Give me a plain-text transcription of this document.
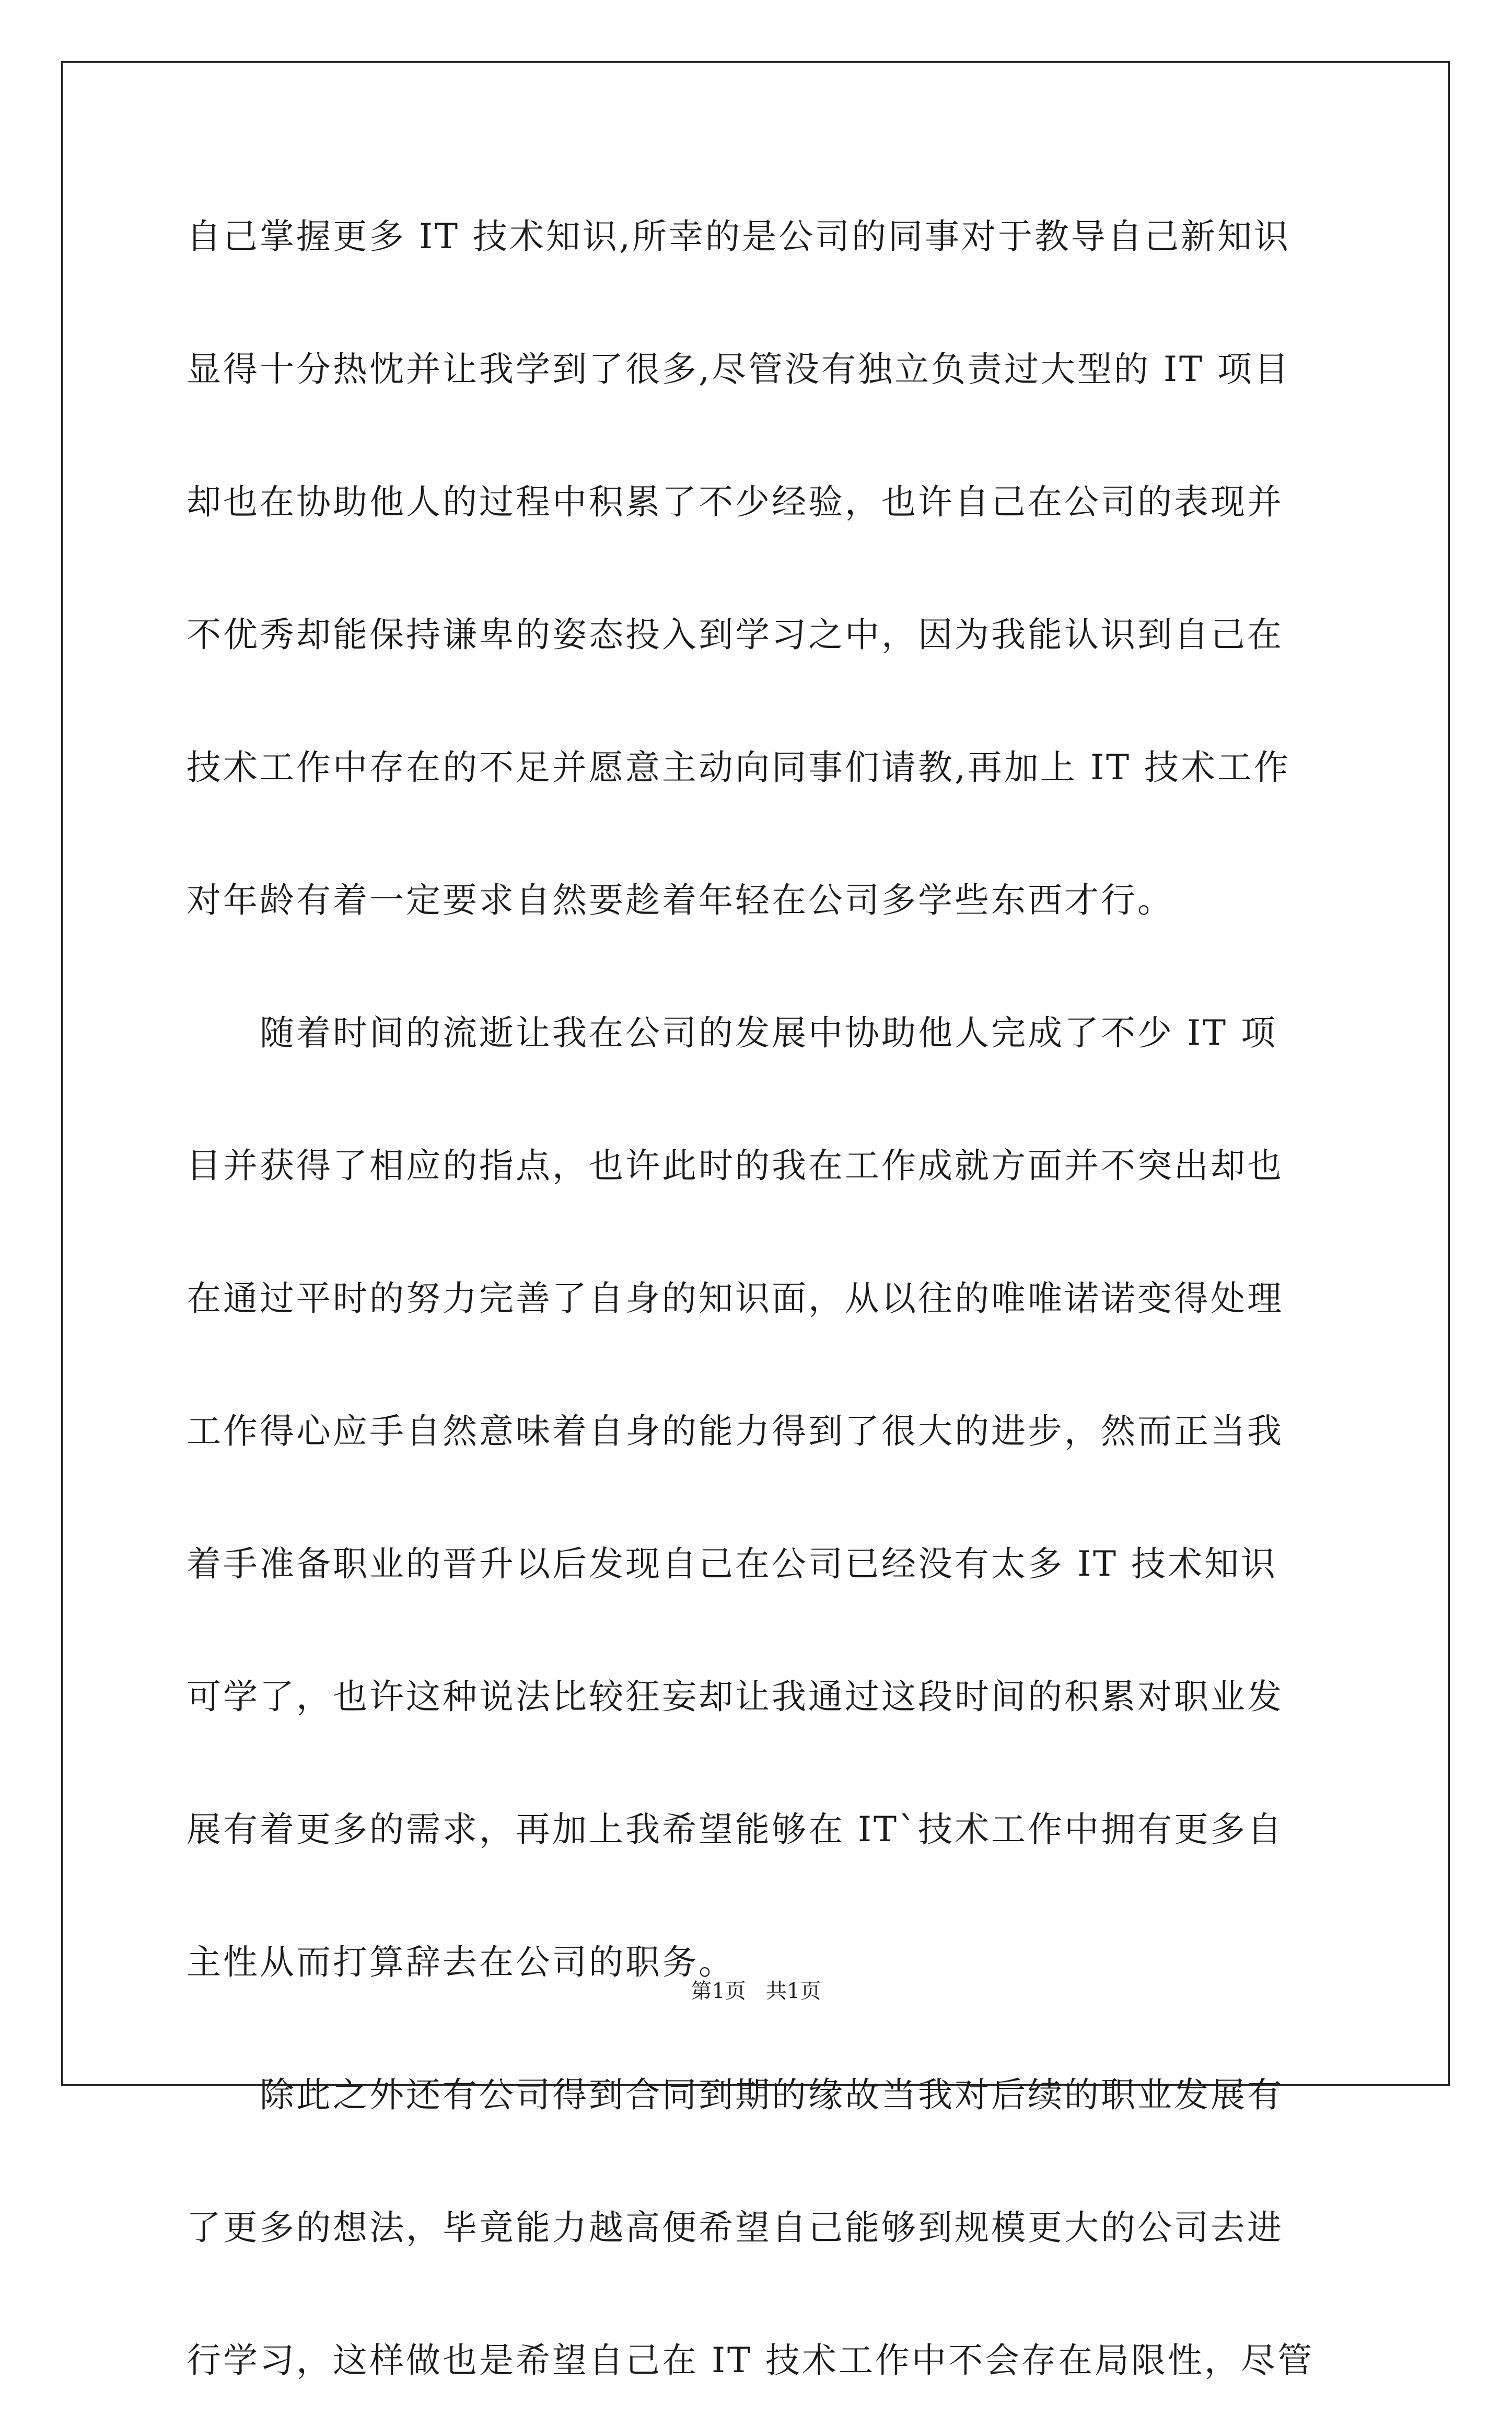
自己掌握更多 IT 技术知识,所幸的是公司的同事对于教导自己新知识
显得十分热忱并让我学到了很多,尽管没有独立负责过大型的 IT 项目
却也在协助他人的过程中积累了不少经验，也许自己在公司的表现并
不优秀却能保持谦卑的姿态投入到学习之中，因为我能认识到自己在
技术工作中存在的不足并愿意主动向同事们请教,再加上 IT 技术工作
对年龄有着一定要求自然要趁着年轻在公司多学些东西才行。
　　随着时间的流逝让我在公司的发展中协助他人完成了不少 IT 项
目并获得了相应的指点，也许此时的我在工作成就方面并不突出却也
在通过平时的努力完善了自身的知识面，从以往的唯唯诺诺变得处理
工作得心应手自然意味着自身的能力得到了很大的进步，然而正当我
着手准备职业的晋升以后发现自己在公司已经没有太多 IT 技术知识
可学了，也许这种说法比较狂妄却让我通过这段时间的积累对职业发
展有着更多的需求，再加上我希望能够在 IT`技术工作中拥有更多自
主性从而打算辞去在公司的职务。
　　除此之外还有公司得到合同到期的缘故当我对后续的职业发展有
了更多的想法，毕竟能力越高便希望自己能够到规模更大的公司去进
行学习，这样做也是希望自己在 IT 技术工作中不会存在局限性，尽管
第1页   共1页
